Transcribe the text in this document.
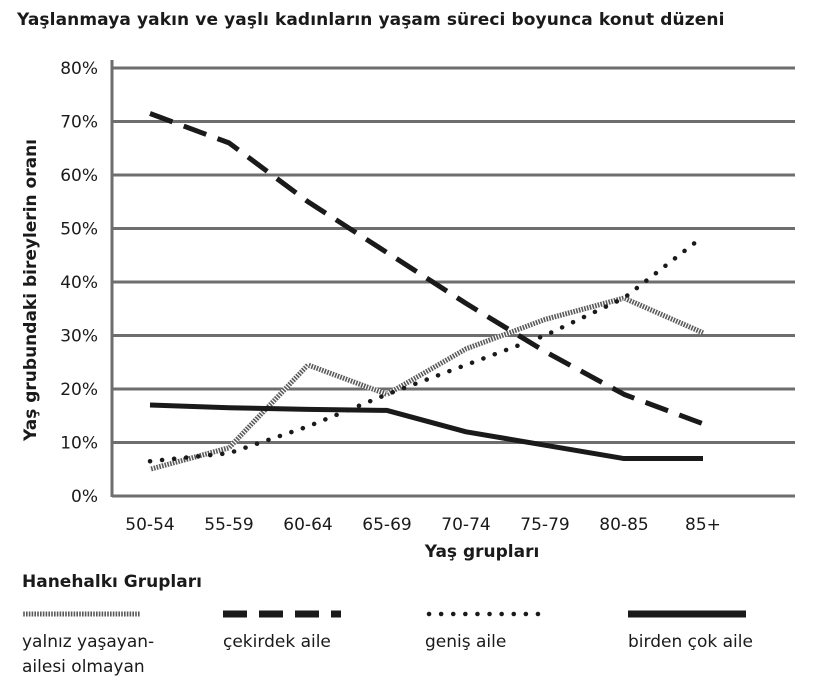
Yaşlanmaya yakın ve yaşlı kadınların yaşam süreci boyunca konut düzeni
0%
10%
20%
30%
40%
50%
60%
70%
80%
50-54 55-59 60-64 65-69 70-74 75-79 80-85 85+
Yaş grupları
Yaş grubundaki bireylerin oranı
Hanehalkı Grupları
yalnız yaşayan-
ailesi olmayan
çekirdek aile	geniş aile	birden çok aile
